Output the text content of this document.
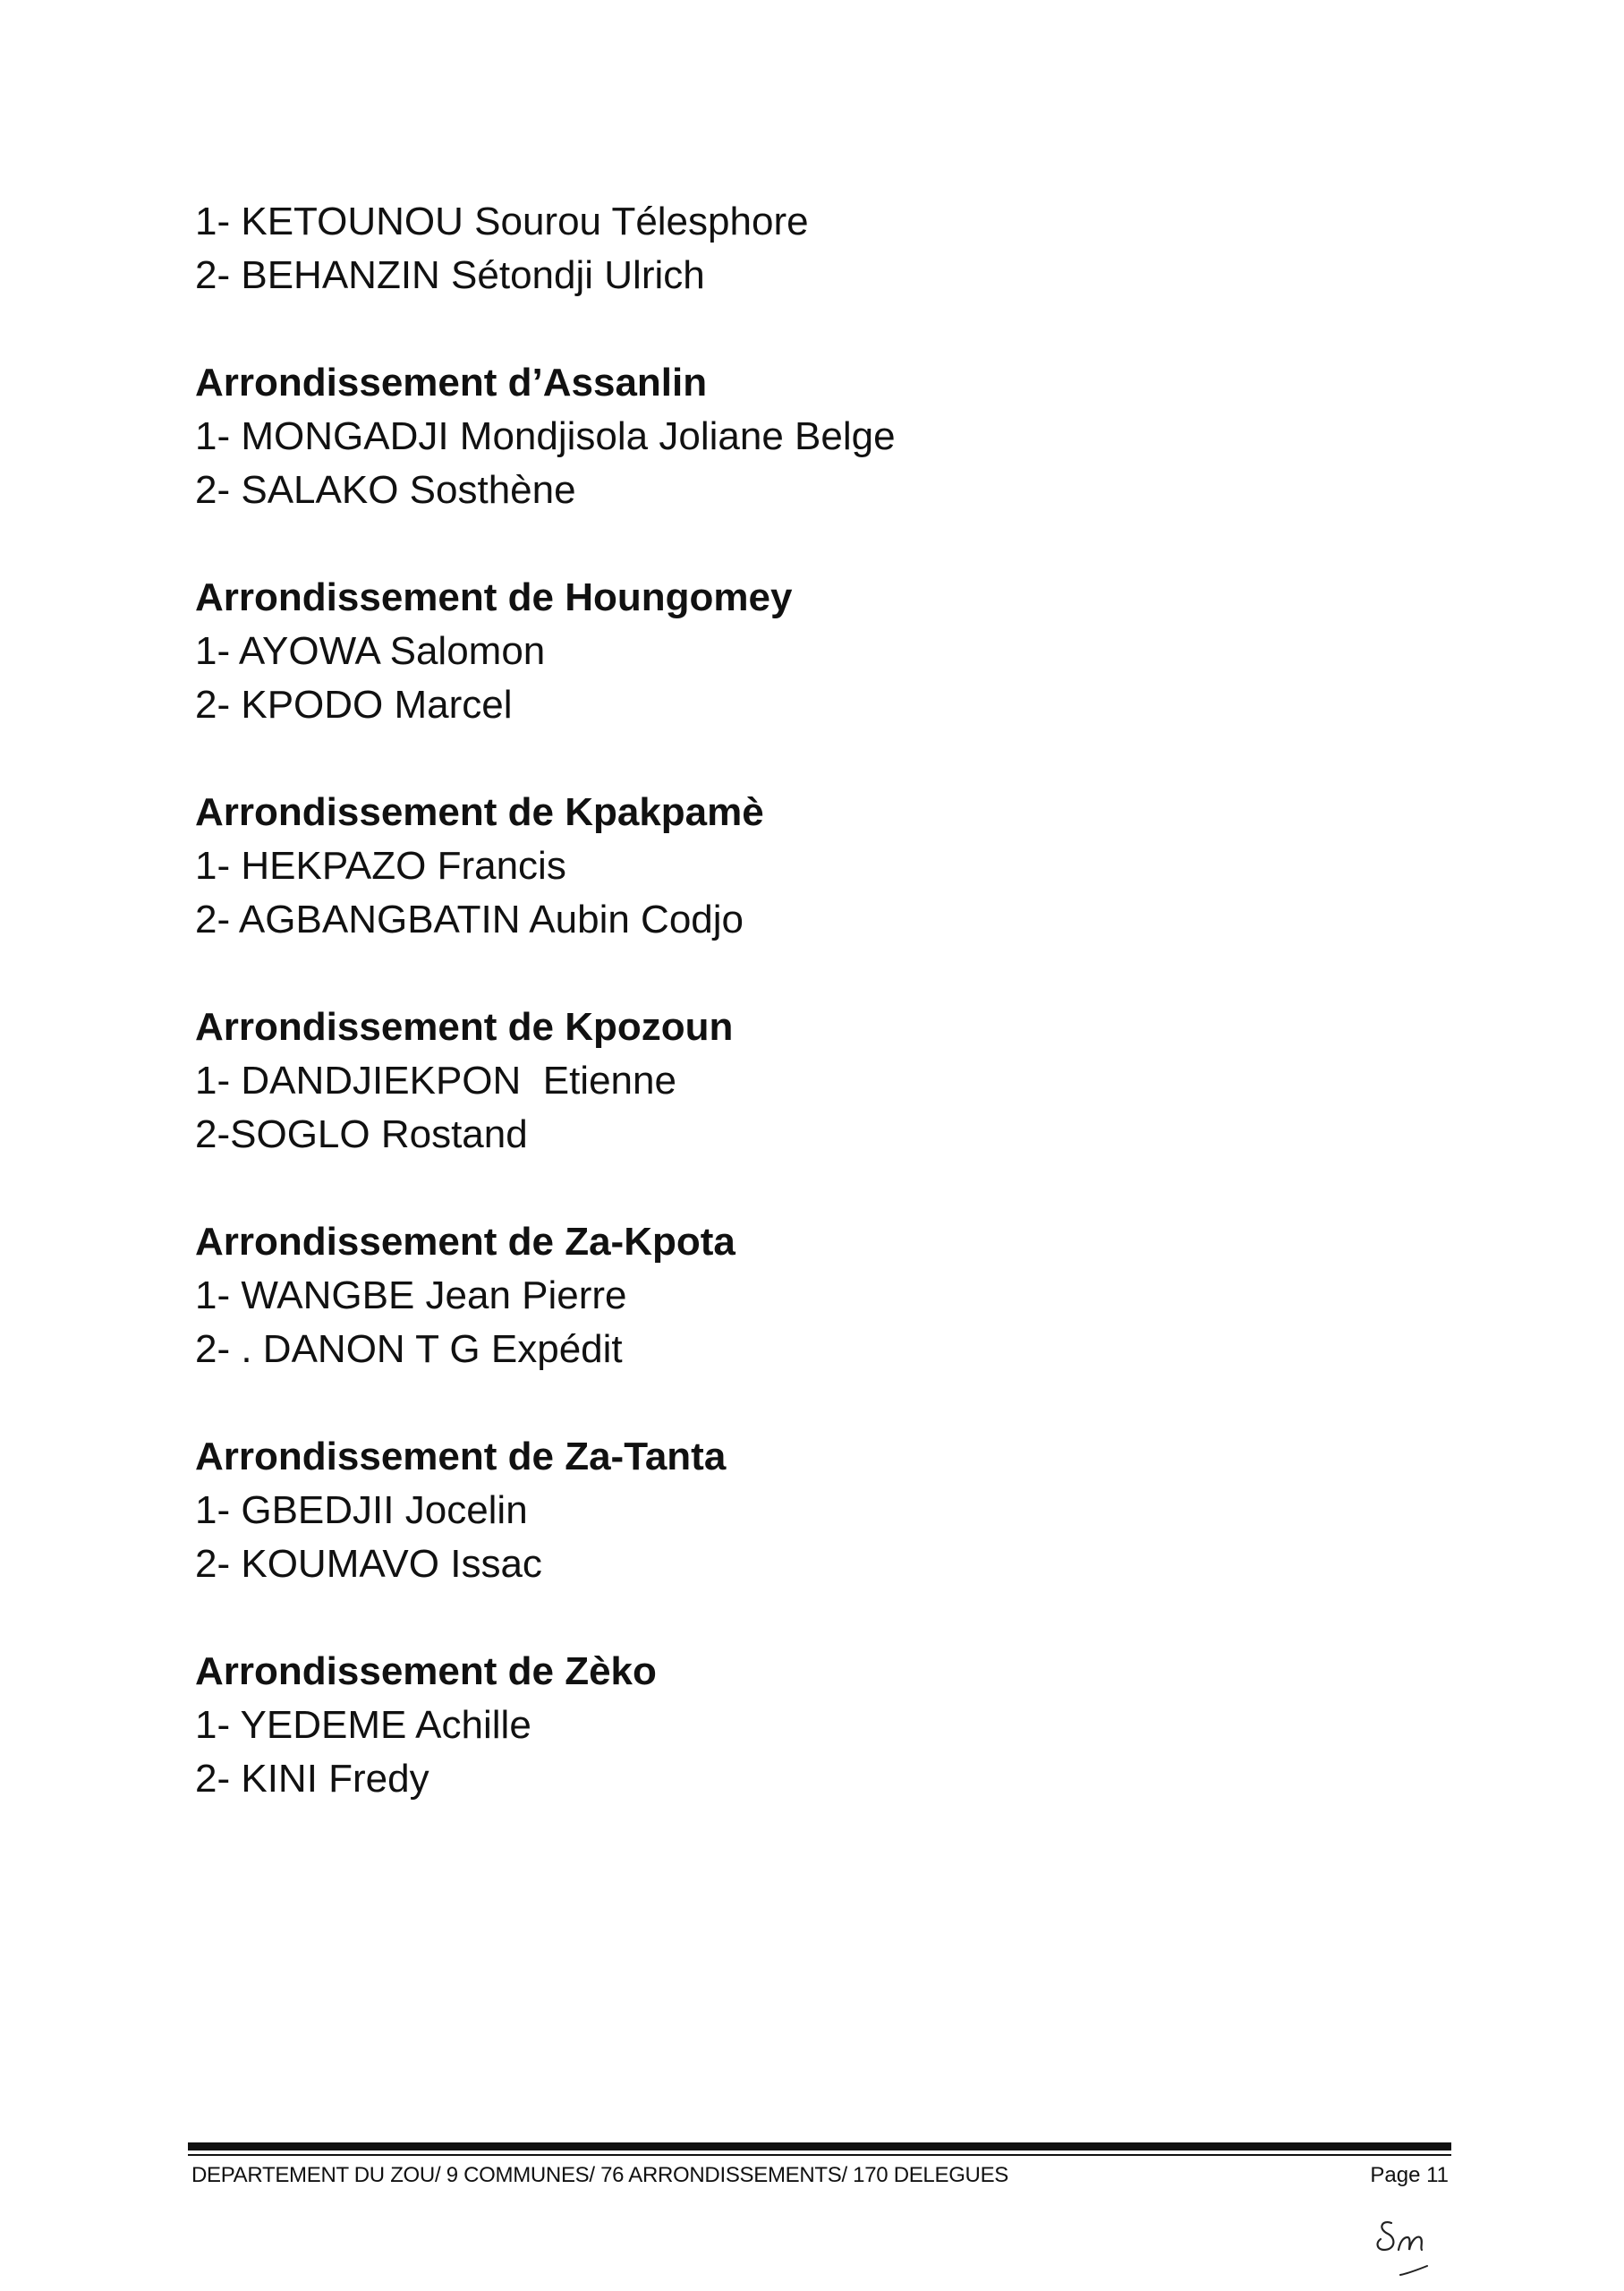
1- KETOUNOU Sourou Télesphore
2- BEHANZIN Sétondji Ulrich
Arrondissement d’Assanlin
1- MONGADJI Mondjisola Joliane Belge
2- SALAKO Sosthène
Arrondissement de Houngomey
1- AYOWA Salomon
2- KPODO Marcel
Arrondissement de Kpakpamè
1- HEKPAZO Francis
2- AGBANGBATIN Aubin Codjo
Arrondissement de Kpozoun
1- DANDJIEKPON  Etienne
2-SOGLO Rostand
Arrondissement de Za-Kpota
1- WANGBE Jean Pierre
2- . DANON T G Expédit
Arrondissement de Za-Tanta
1- GBEDJII Jocelin
2- KOUMAVO Issac
Arrondissement de Zèko
1- YEDEME Achille
2- KINI Fredy
DEPARTEMENT DU ZOU/ 9 COMMUNES/ 76 ARRONDISSEMENTS/ 170 DELEGUES	Page 11
